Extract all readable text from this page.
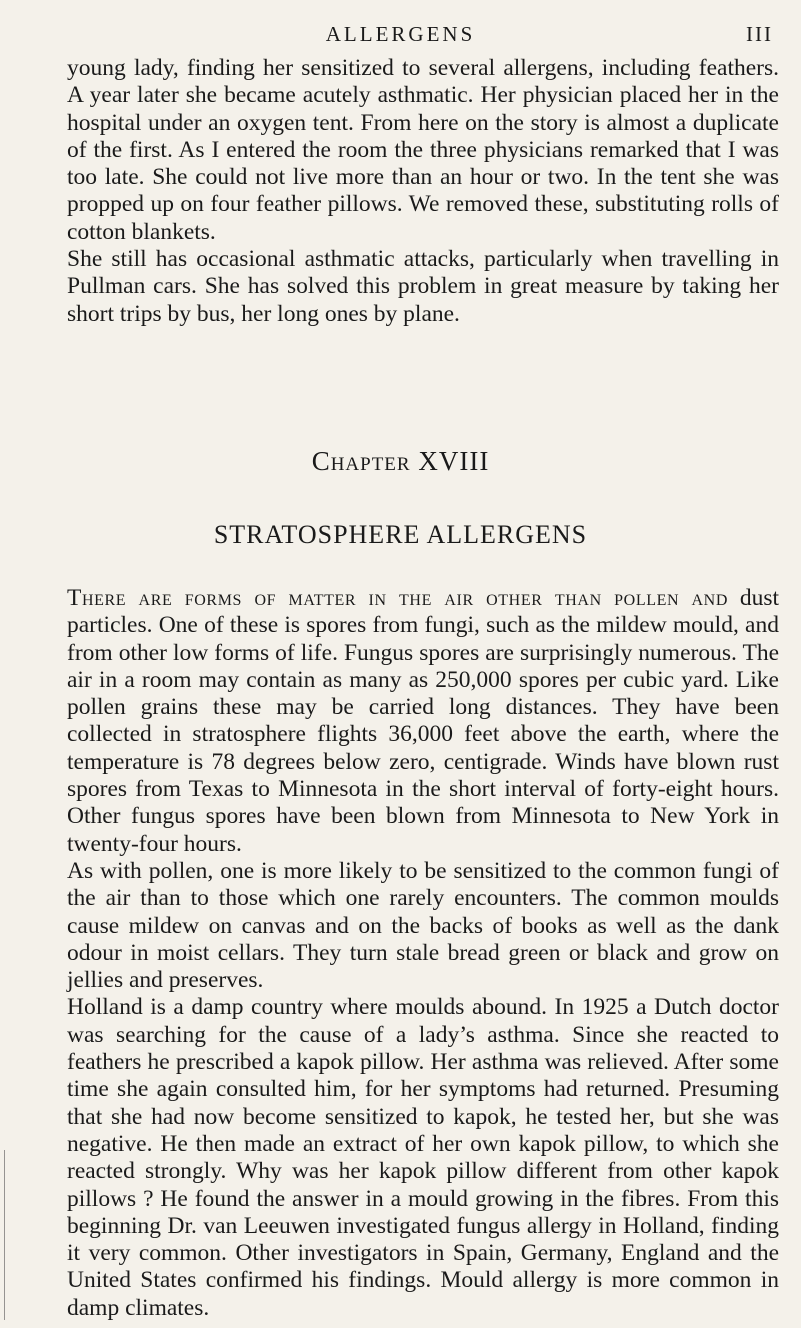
ALLERGENS	III

young lady, finding her sensitized to several allergens, including feathers. A year later she became acutely asthmatic. Her physician placed her in the hospital under an oxygen tent. From here on the story is almost a duplicate of the first. As I entered the room the three physicians remarked that I was too late. She could not live more than an hour or two. In the tent she was propped up on four feather pillows. We removed these, substituting rolls of cotton blankets.

She still has occasional asthmatic attacks, particularly when travelling in Pullman cars. She has solved this problem in great measure by taking her short trips by bus, her long ones by plane.

Chapter XVIII
STRATOSPHERE ALLERGENS

There are forms of matter in the air other than pollen and dust particles. One of these is spores from fungi, such as the mildew mould, and from other low forms of life. Fungus spores are surprisingly numerous. The air in a room may contain as many as 250,000 spores per cubic yard. Like pollen grains these may be carried long distances. They have been collected in stratosphere flights 36,000 feet above the earth, where the temperature is 78 degrees below zero, centigrade. Winds have blown rust spores from Texas to Minnesota in the short interval of forty-eight hours. Other fungus spores have been blown from Minnesota to New York in twenty-four hours.

As with pollen, one is more likely to be sensitized to the common fungi of the air than to those which one rarely encounters. The common moulds cause mildew on canvas and on the backs of books as well as the dank odour in moist cellars. They turn stale bread green or black and grow on jellies and preserves.

Holland is a damp country where moulds abound. In 1925 a Dutch doctor was searching for the cause of a lady’s asthma. Since she reacted to feathers he prescribed a kapok pillow. Her asthma was relieved. After some time she again consulted him, for her symptoms had returned. Presuming that she had now become sensitized to kapok, he tested her, but she was negative. He then made an extract of her own kapok pillow, to which she reacted strongly. Why was her kapok pillow different from other kapok pillows ? He found the answer in a mould growing in the fibres. From this beginning Dr. van Leeuwen investigated fungus allergy in Holland, finding it very common. Other investigators in Spain, Germany, England and the United States confirmed his findings. Mould allergy is more common in damp climates.
